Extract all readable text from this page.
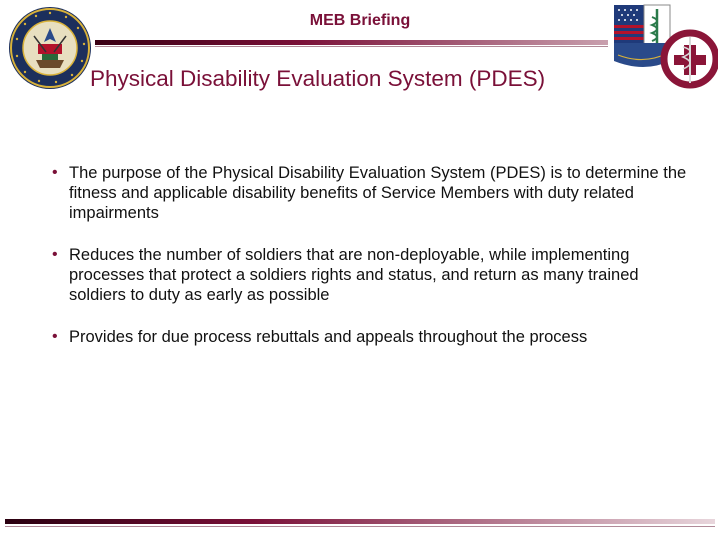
MEB Briefing
Physical Disability Evaluation System (PDES)
• The purpose of the Physical Disability Evaluation System (PDES) is to determine the fitness and applicable disability benefits of Service Members with duty related impairments
• Reduces the number of soldiers that are non-deployable, while implementing processes that protect a soldiers rights and status, and return as many trained soldiers to duty as early as possible
• Provides for due process rebuttals and appeals throughout the process
